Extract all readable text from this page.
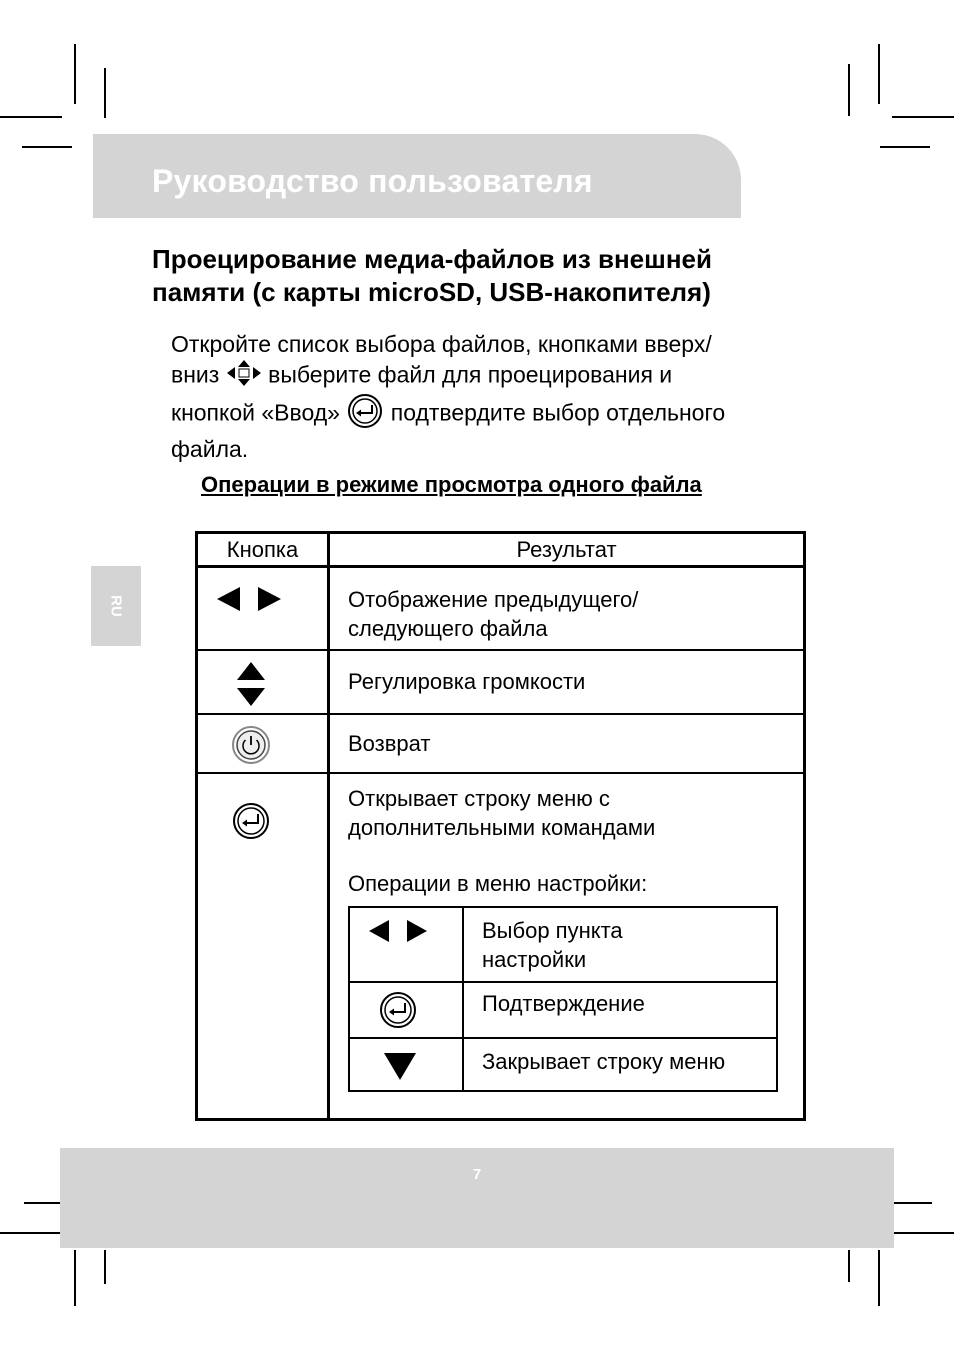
Руководство пользователя
Проецирование медиа-файлов из внешней
памяти (с карты microSD, USB-накопителя)
Откройте список выбора файлов, кнопками вверх/
вниз выберите файл для проецирования и
кнопкой «Ввод» подтвердите выбор отдельного
файла.
Операции в режиме просмотра одного файла
RU
Кнопка	Результат

Отображение предыдущего/
следующего файла

Регулировка громкости

Возврат

Открывает строку меню с
дополнительными командами
Операции в меню настройки:

Выбор пункта
настройки

	Подтверждение

	Закрывает строку меню
7
